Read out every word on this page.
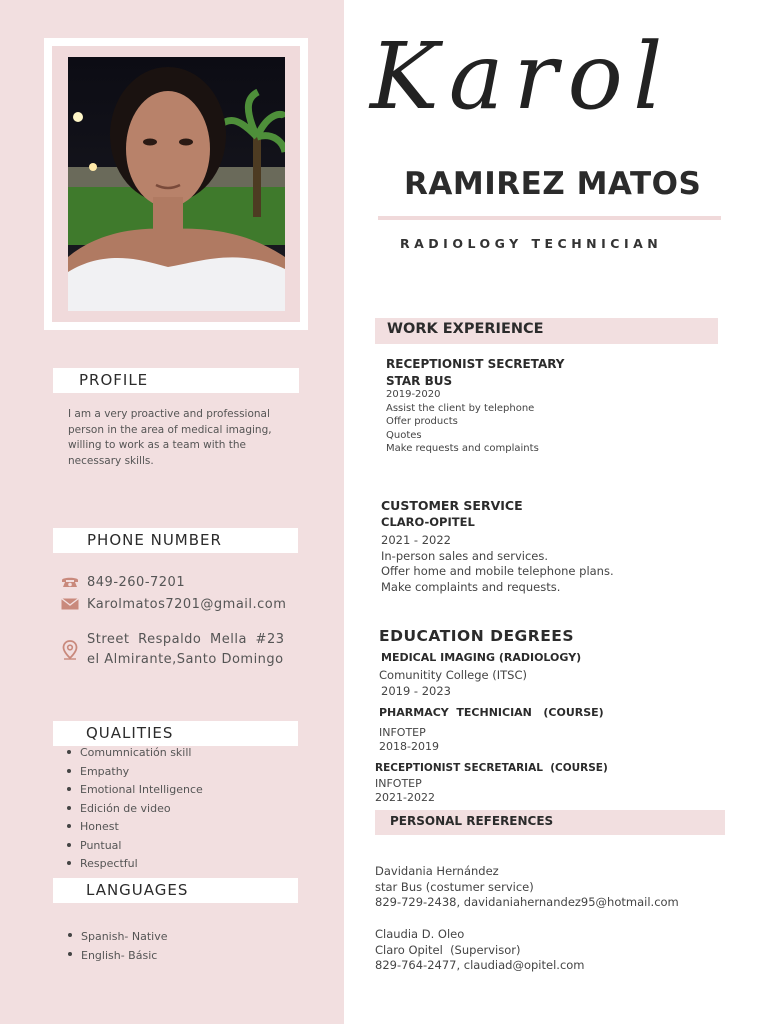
PROFILE
I am a very proactive and professional
person in the area of medical imaging,
willing to work as a team with the
necessary skills.
PHONE NUMBER
849-260-7201
Karolmatos7201@gmail.com
Street Respaldo Mella #23
el Almirante,Santo Domingo
QUALITIES
Comumnicatión skill
Empathy
Emotional Intelligence
Edición de video
Honest
Puntual
Respectful
LANGUAGES
Spanish- Native
English- Básic
Karol
RAMIREZ MATOS
RADIOLOGY TECHNICIAN
WORK EXPERIENCE
RECEPTIONIST SECRETARY
STAR BUS
2019-2020
Assist the client by telephone
Offer products
Quotes
Make requests and complaints
CUSTOMER SERVICE
CLARO-OPITEL
2021 - 2022
In-person sales and services.
Offer home and mobile telephone plans.
Make complaints and requests.
EDUCATION DEGREES
MEDICAL IMAGING (RADIOLOGY)
Comunitity College (ITSC)
2019 - 2023
PHARMACY  TECHNICIAN   (COURSE)
INFOTEP
2018-2019
RECEPTIONIST SECRETARIAL  (COURSE)
INFOTEP
2021-2022
PERSONAL REFERENCES
Davidania Hernández
star Bus (costumer service)
829-729-2438, davidaniahernandez95@hotmail.com
Claudia D. Oleo
Claro Opitel  (Supervisor)
829-764-2477, claudiad@opitel.com
